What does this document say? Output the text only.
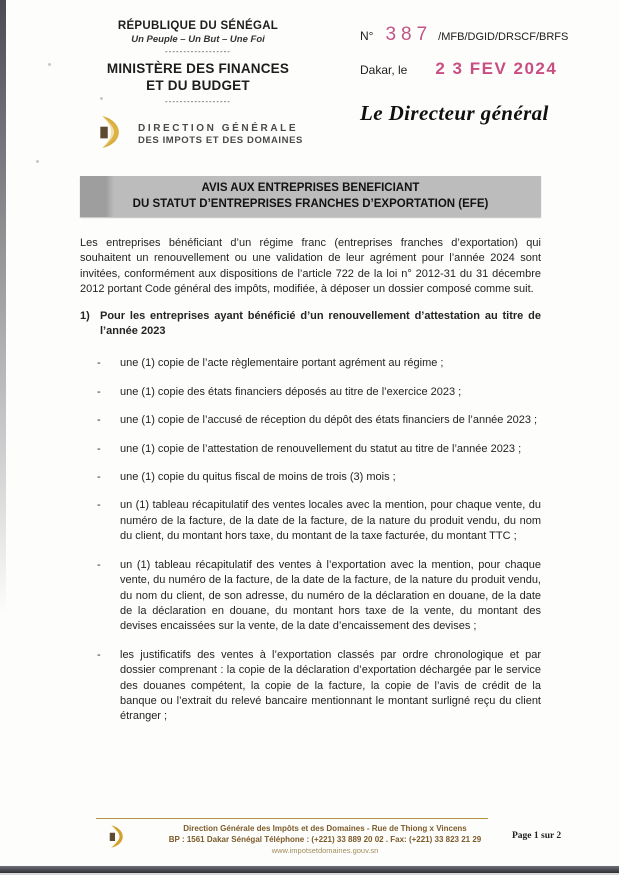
RÉPUBLIQUE DU SÉNÉGAL
Un Peuple – Un But – Une Foi
------------------
MINISTÈRE DES FINANCES
ET DU BUDGET
------------------
DIRECTION GÉNÉRALE
DES IMPOTS ET DES DOMAINES
N° 387 /MFB/DGID/DRSCF/BRFS
Dakar, le 2 3 FEV 2024
Le Directeur général
AVIS AUX ENTREPRISES BENEFICIANT
DU STATUT D’ENTREPRISES FRANCHES D’EXPORTATION (EFE)

Les entreprises bénéficiant d’un régime franc (entreprises franches d’exportation) qui souhaitent un renouvellement ou une validation de leur agrément pour l’année 2024 sont invitées, conformément aux dispositions de l’article 722 de la loi n° 2012-31 du 31 décembre 2012 portant Code général des impôts, modifiée, à déposer un dossier composé comme suit.

1) Pour les entreprises ayant bénéficié d’un renouvellement d’attestation au titre de l’année 2023
- une (1) copie de l’acte règlementaire portant agrément au régime ;
- une (1) copie des états financiers déposés au titre de l’exercice 2023 ;
- une (1) copie de l’accusé de réception du dépôt des états financiers de l’année 2023 ;
- une (1) copie de l’attestation de renouvellement du statut au titre de l’année 2023 ;
- une (1) copie du quitus fiscal de moins de trois (3) mois ;
- un (1) tableau récapitulatif des ventes locales avec la mention, pour chaque vente, du numéro de la facture, de la date de la facture, de la nature du produit vendu, du nom du client, du montant hors taxe, du montant de la taxe facturée, du montant TTC ;
- un (1) tableau récapitulatif des ventes à l’exportation avec la mention, pour chaque vente, du numéro de la facture, de la date de la facture, de la nature du produit vendu, du nom du client, de son adresse, du numéro de la déclaration en douane, de la date de la déclaration en douane, du montant hors taxe de la vente, du montant des devises encaissées sur la vente, de la date d’encaissement des devises ;
- les justificatifs des ventes à l’exportation classés par ordre chronologique et par dossier comprenant : la copie de la déclaration d’exportation déchargée par le service des douanes compétent, la copie de la facture, la copie de l’avis de crédit de la banque ou l’extrait du relevé bancaire mentionnant le montant surligné reçu du client étranger ;
Direction Générale des Impôts et des Domaines - Rue de Thiong x Vincens
BP : 1561 Dakar Sénégal Téléphone : (+221) 33 889 20 02 . Fax: (+221) 33 823 21 29
www.impotsetdomaines.gouv.sn
Page 1 sur 2
